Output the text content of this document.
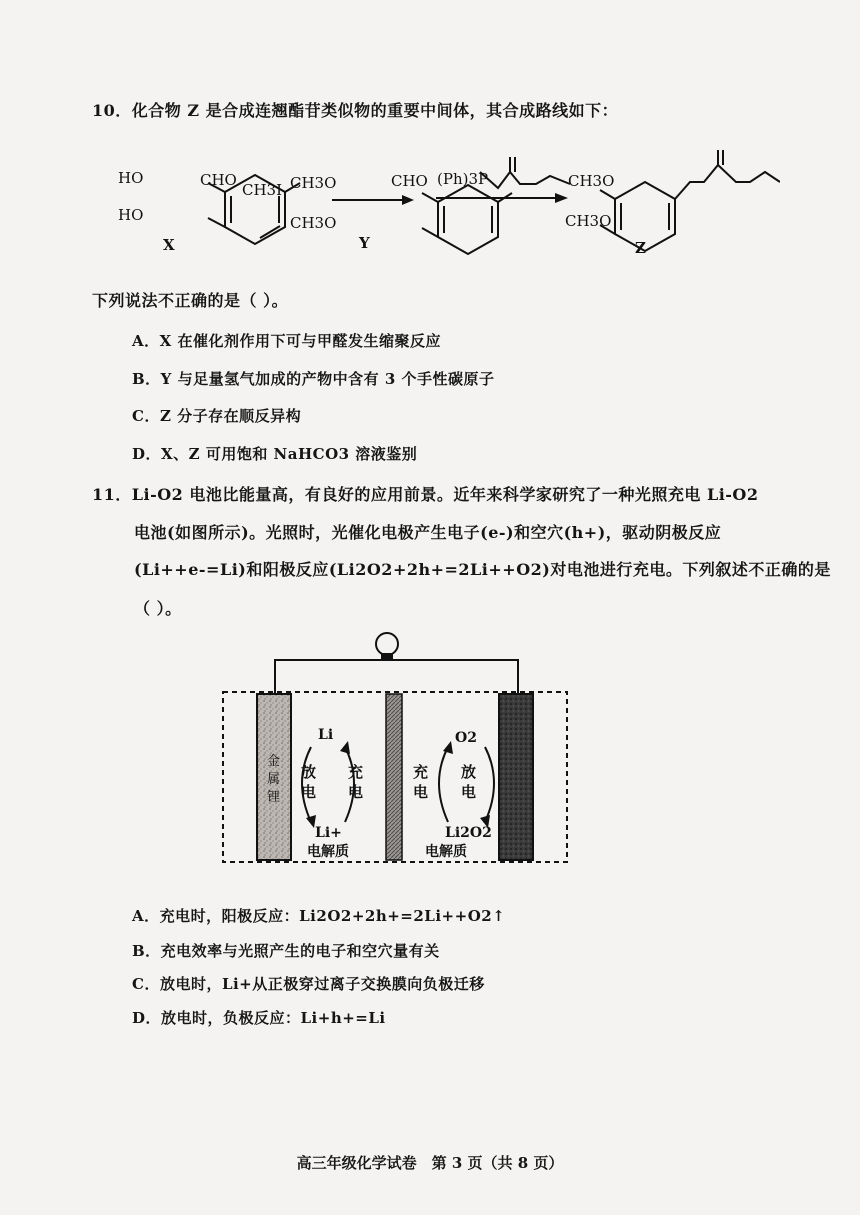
10．化合物 Z 是合成连翘酯苷类似物的重要中间体，其合成路线如下：
HO
HO
CHO
X
CH3I CH3O
CH3O
CHO
Y
(Ph)3P	CH3O
CH3O
Z
下列说法不正确的是（ ）。
A．X 在催化剂作用下可与甲醛发生缩聚反应
B．Y 与足量氢气加成的产物中含有 3 个手性碳原子
C．Z 分子存在顺反异构
D．X、Z 可用饱和 NaHCO3 溶液鉴别
11．Li-O2 电池比能量高，有良好的应用前景。近年来科学家研究了一种光照充电 Li-O2
电池(如图所示)。光照时，光催化电极产生电子(e-)和空穴(h+)，驱动阴极反应
(Li++e-=Li)和阳极反应(Li2O2+2h+=2Li++O2)对电池进行充电。下列叙述不正确的是
（ ）。
金属锂
Li
Li+
O2
Li2O2
电解质	电解质
放
电
充
电
充
电
放
电
A．充电时，阳极反应：Li2O2+2h+=2Li++O2↑
B．充电效率与光照产生的电子和空穴量有关
C．放电时，Li+从正极穿过离子交换膜向负极迁移
D．放电时，负极反应：Li+h+=Li
高三年级化学试卷　第 3 页（共 8 页）
